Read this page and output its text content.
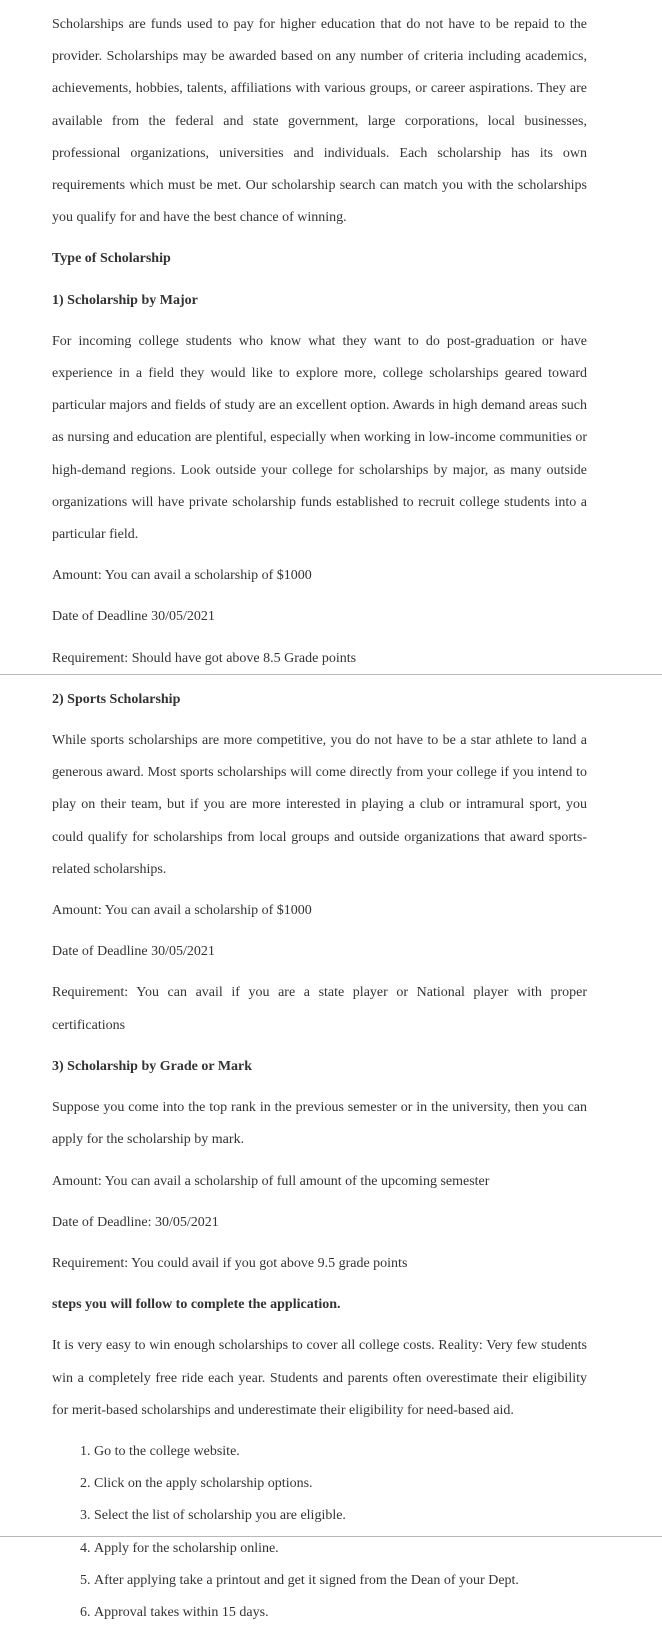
Scholarships are funds used to pay for higher education that do not have to be repaid to the provider. Scholarships may be awarded based on any number of criteria including academics, achievements, hobbies, talents, affiliations with various groups, or career aspirations. They are available from the federal and state government, large corporations, local businesses, professional organizations, universities and individuals. Each scholarship has its own requirements which must be met. Our scholarship search can match you with the scholarships you qualify for and have the best chance of winning.

Type of Scholarship

1) Scholarship by Major

For incoming college students who know what they want to do post-graduation or have experience in a field they would like to explore more, college scholarships geared toward particular majors and fields of study are an excellent option. Awards in high demand areas such as nursing and education are plentiful, especially when working in low-income communities or high-demand regions. Look outside your college for scholarships by major, as many outside organizations will have private scholarship funds established to recruit college students into a particular field.

Amount: You can avail a scholarship of $1000

Date of Deadline 30/05/2021

Requirement: Should have got above 8.5 Grade points

2) Sports Scholarship

While sports scholarships are more competitive, you do not have to be a star athlete to land a generous award. Most sports scholarships will come directly from your college if you intend to play on their team, but if you are more interested in playing a club or intramural sport, you could qualify for scholarships from local groups and outside organizations that award sports-related scholarships.

Amount: You can avail a scholarship of $1000

Date of Deadline 30/05/2021

Requirement: You can avail if you are a state player or National player with proper certifications

3) Scholarship by Grade or Mark

Suppose you come into the top rank in the previous semester or in the university, then you can apply for the scholarship by mark.

Amount: You can avail a scholarship of full amount of the upcoming semester

Date of Deadline: 30/05/2021

Requirement: You could avail if you got above 9.5 grade points

steps you will follow to complete the application.

It is very easy to win enough scholarships to cover all college costs. Reality: Very few students win a completely free ride each year. Students and parents often overestimate their eligibility for merit-based scholarships and underestimate their eligibility for need-based aid.

1. Go to the college website.
2. Click on the apply scholarship options.
3. Select the list of scholarship you are eligible.
4. Apply for the scholarship online.
5. After applying take a printout and get it signed from the Dean of your Dept.
6. Approval takes within 15 days.
